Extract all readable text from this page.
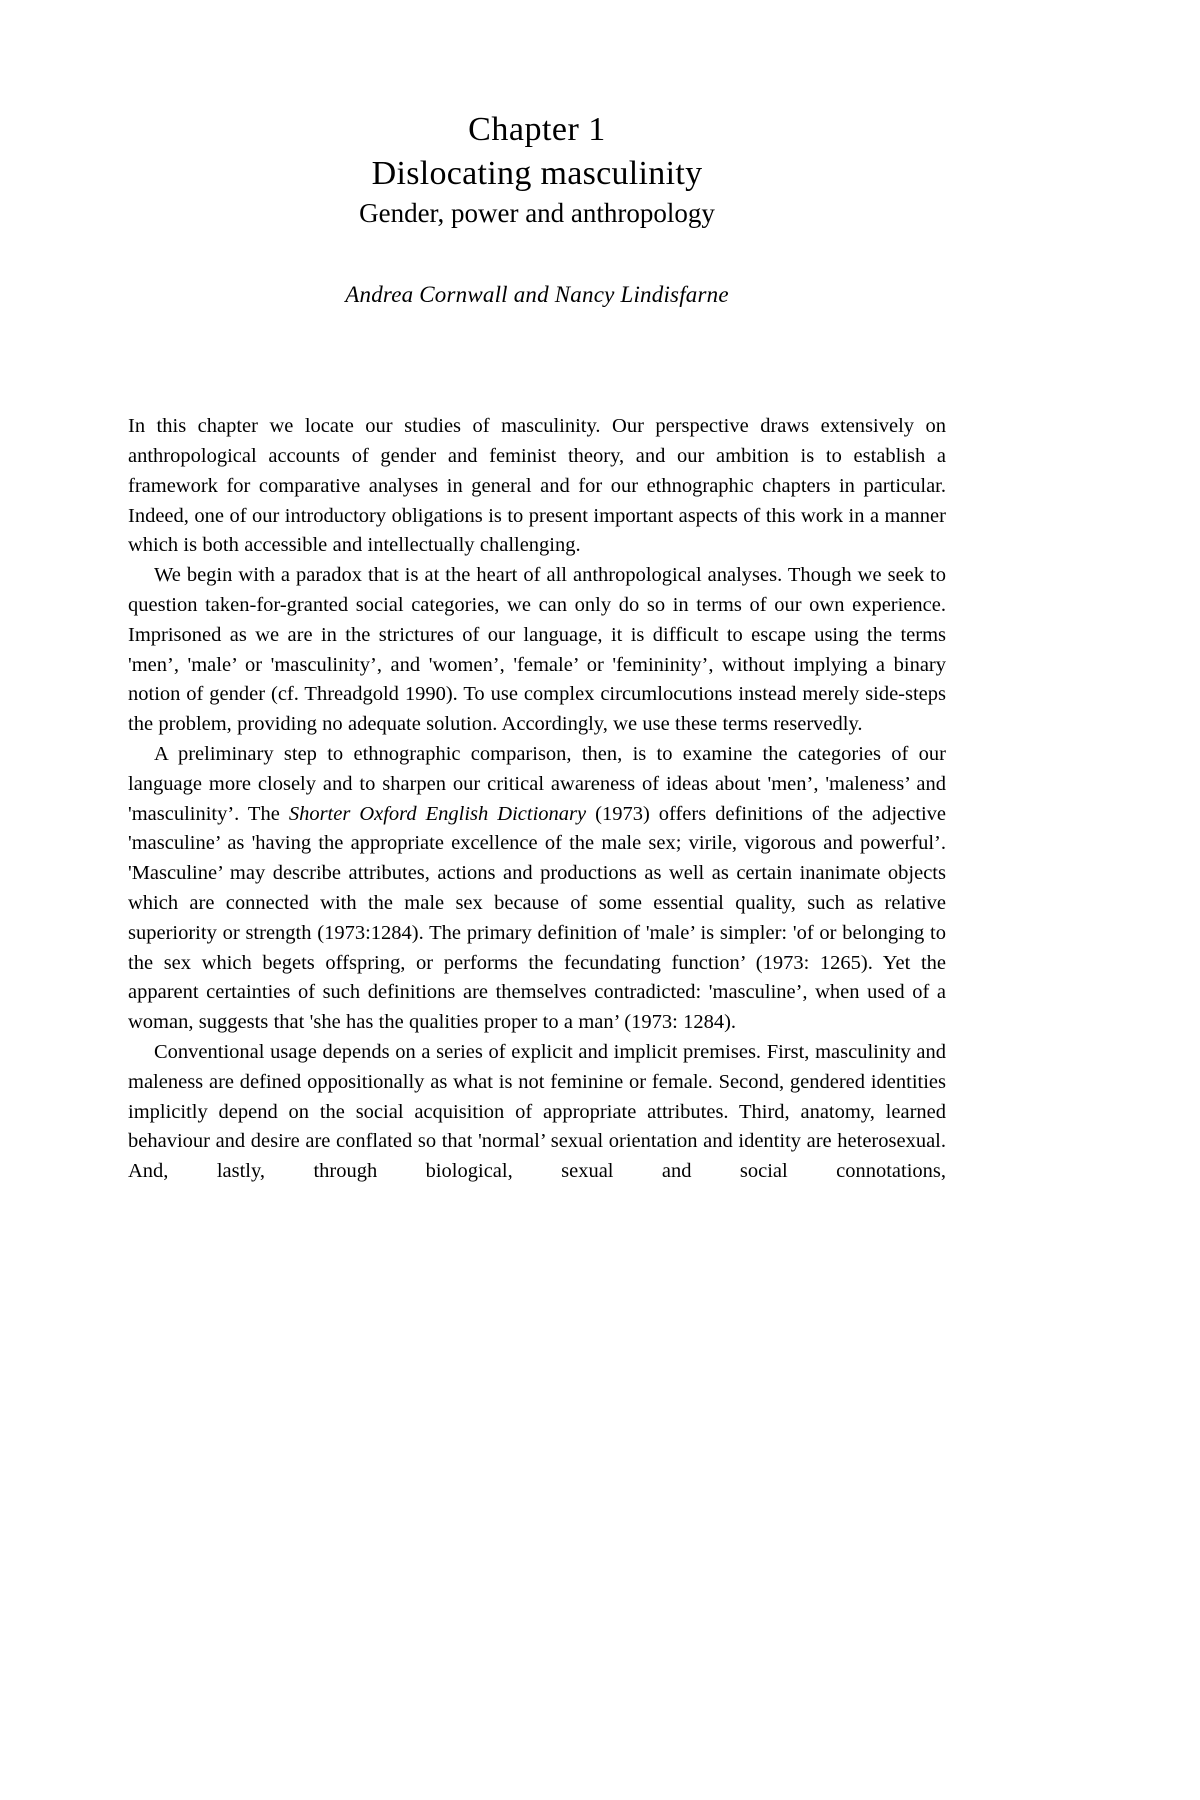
Chapter 1
Dislocating masculinity
Gender, power and anthropology
Andrea Cornwall and Nancy Lindisfarne

In this chapter we locate our studies of masculinity. Our perspective draws extensively on anthropological accounts of gender and feminist theory, and our ambition is to establish a framework for comparative analyses in general and for our ethnographic chapters in particular. Indeed, one of our introductory obligations is to present important aspects of this work in a manner which is both accessible and intellectually challenging.

We begin with a paradox that is at the heart of all anthropological analyses. Though we seek to question taken-for-granted social categories, we can only do so in terms of our own experience. Imprisoned as we are in the strictures of our language, it is difficult to escape using the terms 'men’, 'male’ or 'masculinity’, and 'women’, 'female’ or 'femininity’, without implying a binary notion of gender (cf. Threadgold 1990). To use complex circumlocutions instead merely side-steps the problem, providing no adequate solution. Accordingly, we use these terms reservedly.

A preliminary step to ethnographic comparison, then, is to examine the categories of our language more closely and to sharpen our critical awareness of ideas about 'men’, 'maleness’ and 'masculinity’. The Shorter Oxford English Dictionary (1973) offers definitions of the adjective 'masculine’ as 'having the appropriate excellence of the male sex; virile, vigorous and powerful’. 'Masculine’ may describe attributes, actions and productions as well as certain inanimate objects which are connected with the male sex because of some essential quality, such as relative superiority or strength (1973:1284). The primary definition of 'male’ is simpler: 'of or belonging to the sex which begets offspring, or performs the fecundating function’ (1973: 1265). Yet the apparent certainties of such definitions are themselves contradicted: 'masculine’, when used of a woman, suggests that 'she has the qualities proper to a man’ (1973: 1284).

Conventional usage depends on a series of explicit and implicit premises. First, masculinity and maleness are defined oppositionally as what is not feminine or female. Second, gendered identities implicitly depend on the social acquisition of appropriate attributes. Third, anatomy, learned behaviour and desire are conflated so that 'normal’ sexual orientation and identity are heterosexual. And, lastly, through biological, sexual and social connotations,
